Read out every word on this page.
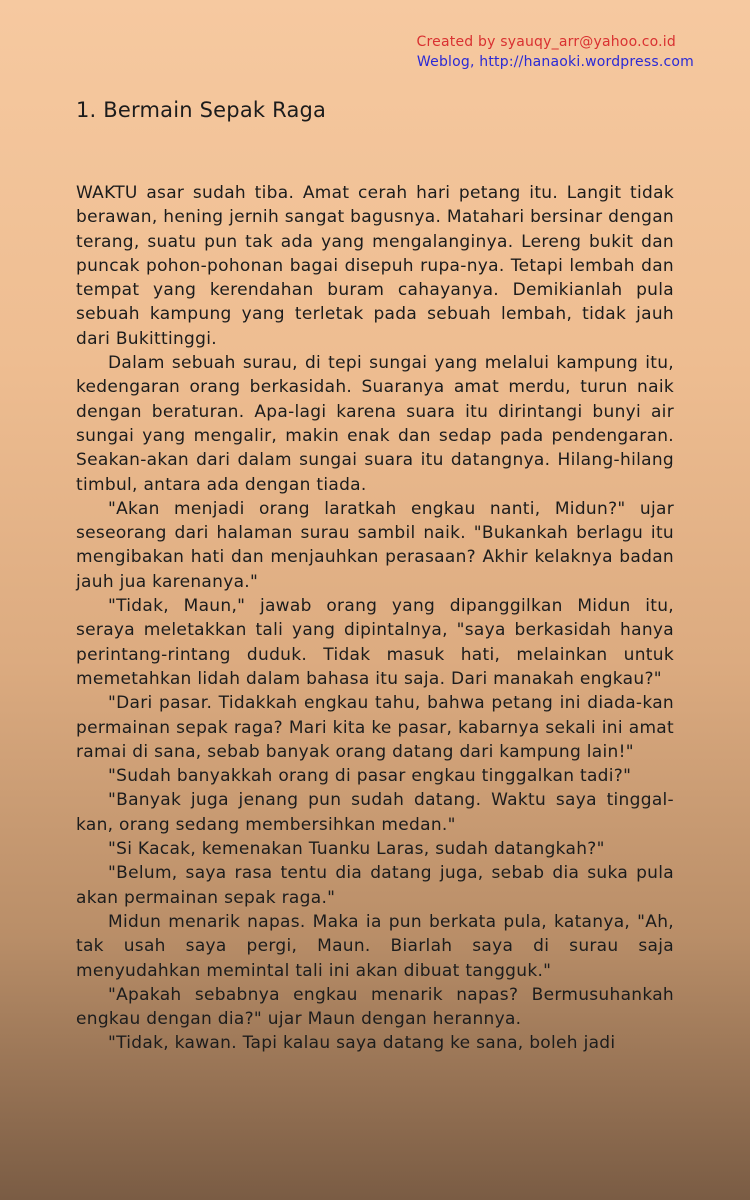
Created by syauqy_arr@yahoo.co.id
Weblog, http://hanaoki.wordpress.com
1. Bermain Sepak Raga

WAKTU asar sudah tiba. Amat cerah hari petang itu. Langit tidak berawan, hening jernih sangat bagusnya. Matahari bersinar dengan terang, suatu pun tak ada yang mengalanginya. Lereng bukit dan puncak pohon-pohonan bagai disepuh rupa-nya. Tetapi lembah dan tempat yang kerendahan buram cahayanya. Demikianlah pula sebuah kampung yang terletak pada sebuah lembah, tidak jauh dari Bukittinggi.

Dalam sebuah surau, di tepi sungai yang melalui kampung itu, kedengaran orang berkasidah. Suaranya amat merdu, turun naik dengan beraturan. Apa-lagi karena suara itu dirintangi bunyi air sungai yang mengalir, makin enak dan sedap pada pendengaran. Seakan-akan dari dalam sungai suara itu datangnya. Hilang-hilang timbul, antara ada dengan tiada.

"Akan menjadi orang laratkah engkau nanti, Midun?" ujar seseorang dari halaman surau sambil naik. "Bukankah berlagu itu mengibakan hati dan menjauhkan perasaan? Akhir kelaknya badan jauh jua karenanya."

"Tidak, Maun," jawab orang yang dipanggilkan Midun itu, seraya meletakkan tali yang dipintalnya, "saya berkasidah hanya perintang-rintang duduk. Tidak masuk hati, melainkan untuk memetahkan lidah dalam bahasa itu saja. Dari manakah engkau?"

"Dari pasar. Tidakkah engkau tahu, bahwa petang ini diada-kan permainan sepak raga? Mari kita ke pasar, kabarnya sekali ini amat ramai di sana, sebab banyak orang datang dari kampung lain!"

"Sudah banyakkah orang di pasar engkau tinggalkan tadi?"

"Banyak juga jenang pun sudah datang. Waktu saya tinggal-kan, orang sedang membersihkan medan."

"Si Kacak, kemenakan Tuanku Laras, sudah datangkah?"

"Belum, saya rasa tentu dia datang juga, sebab dia suka pula akan permainan sepak raga."

Midun menarik napas. Maka ia pun berkata pula, katanya, "Ah, tak usah saya pergi, Maun. Biarlah saya di surau saja menyudahkan memintal tali ini akan dibuat tangguk."

"Apakah sebabnya engkau menarik napas? Bermusuhankah engkau dengan dia?" ujar Maun dengan herannya.

"Tidak, kawan. Tapi kalau saya datang ke sana, boleh jadi
